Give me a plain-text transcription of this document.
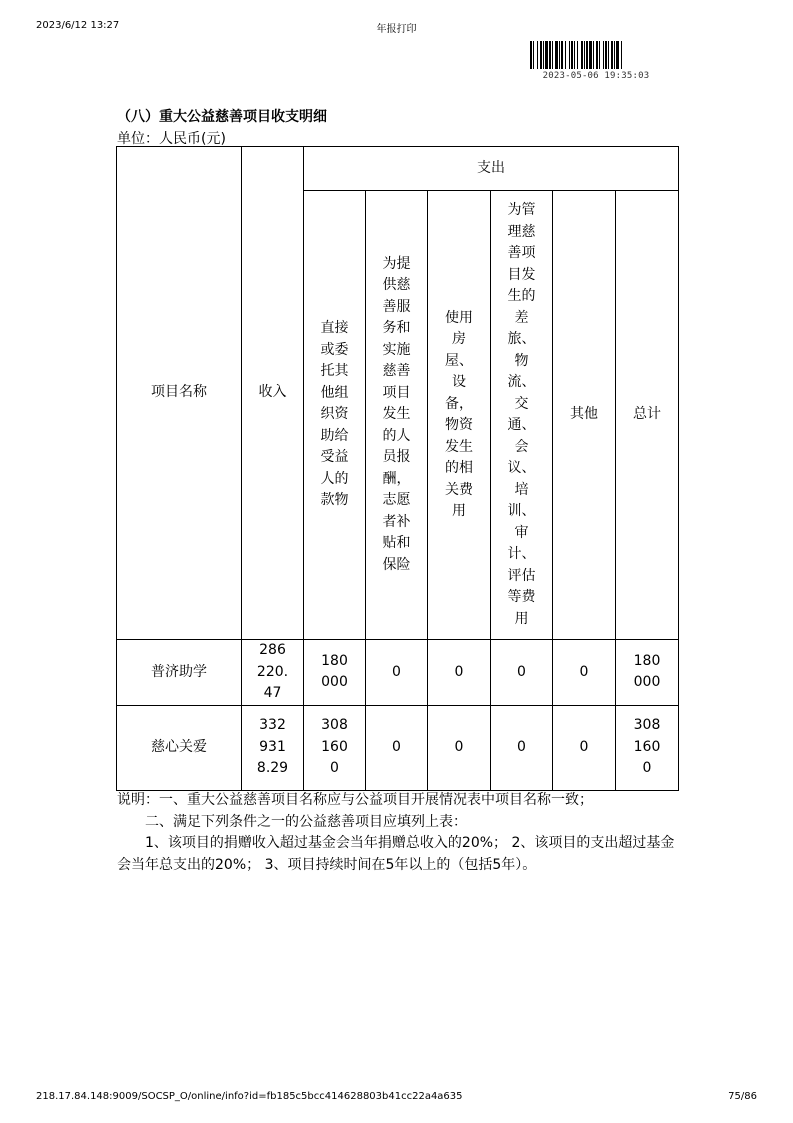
2023/6/12 13:27	年报打印
2023-05-06 19:35:03
（八）重大公益慈善项目收支明细
单位：人民币(元)
项目名称	收入	支出					

		直接或委托其他组织资助给受益人的款物	为提供慈善服务和实施慈善项目发生的人员报酬，志愿者补贴和保险	使用房屋、设备，物资发生的相关费用	为管理慈善项目发生的差旅、物流、交通、会议、培训、审计、评估等费用	其他	总计
普济助学	286220.47	180000	0	0	0	0	180000

慈心关爱	3329318.29	3081600	0	0	0	0	3081600

说明：一、重大公益慈善项目名称应与公益项目开展情况表中项目名称一致；

二、满足下列条件之一的公益慈善项目应填列上表：

1、该项目的捐赠收入超过基金会当年捐赠总收入的20%； 2、该项目的支出超过基金会当年总支出的20%； 3、项目持续时间在5年以上的（包括5年）。

218.17.84.148:9009/SOCSP_O/online/info?id=fb185c5bcc414628803b41cc22a4a635	75/86
